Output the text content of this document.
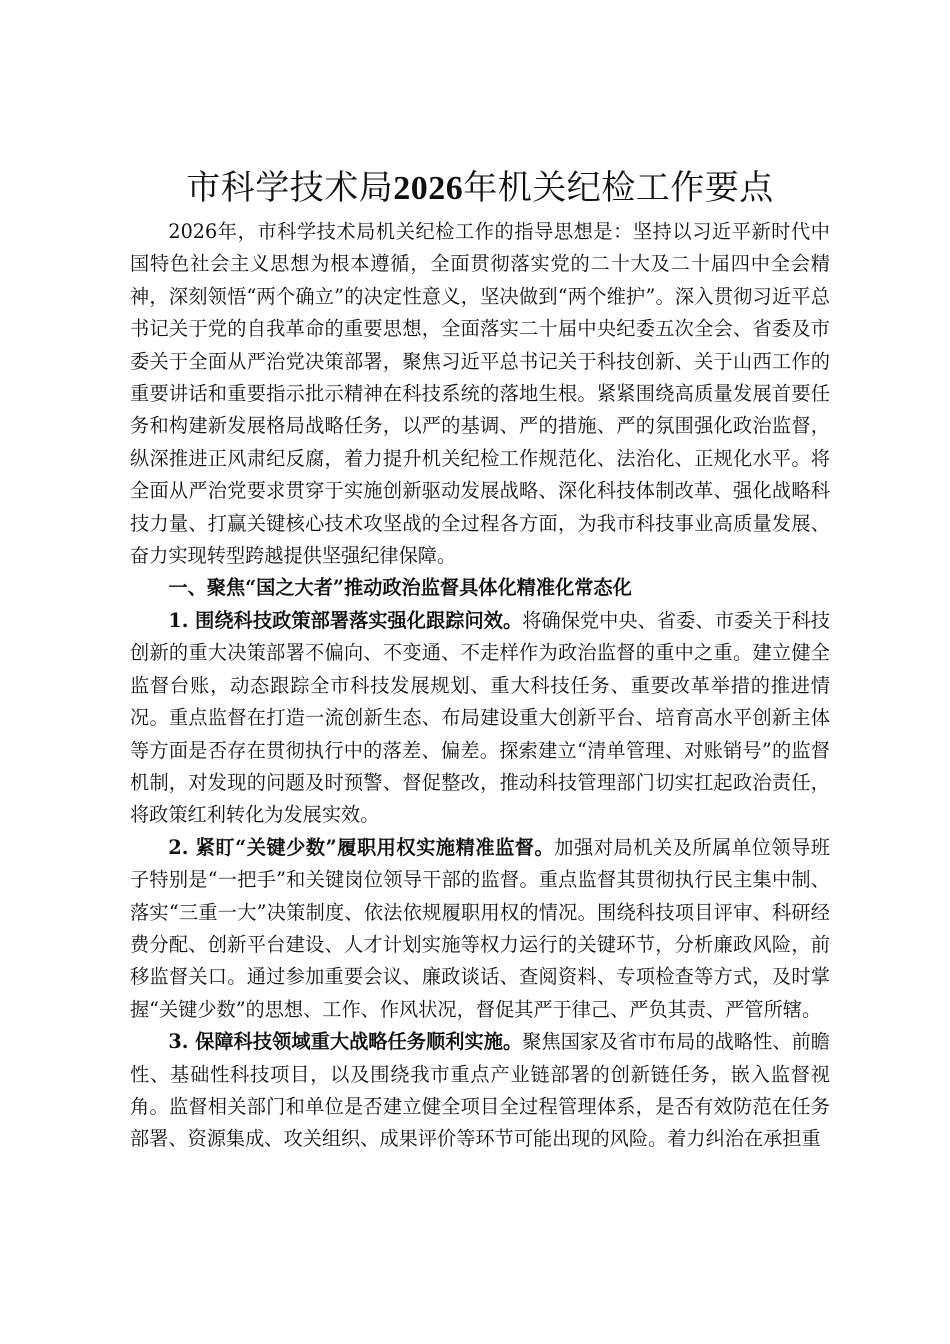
市科学技术局2026年机关纪检工作要点

2026年，市科学技术局机关纪检工作的指导思想是：坚持以习近平新时代中国特色社会主义思想为根本遵循，全面贯彻落实党的二十大及二十届四中全会精神，深刻领悟“两个确立”的决定性意义，坚决做到“两个维护”。深入贯彻习近平总书记关于党的自我革命的重要思想，全面落实二十届中央纪委五次全会、省委及市委关于全面从严治党决策部署，聚焦习近平总书记关于科技创新、关于山西工作的重要讲话和重要指示批示精神在科技系统的落地生根。紧紧围绕高质量发展首要任务和构建新发展格局战略任务，以严的基调、严的措施、严的氛围强化政治监督，纵深推进正风肃纪反腐，着力提升机关纪检工作规范化、法治化、正规化水平。将全面从严治党要求贯穿于实施创新驱动发展战略、深化科技体制改革、强化战略科技力量、打赢关键核心技术攻坚战的全过程各方面，为我市科技事业高质量发展、奋力实现转型跨越提供坚强纪律保障。

一、聚焦“国之大者”推动政治监督具体化精准化常态化

1. 围绕科技政策部署落实强化跟踪问效。将确保党中央、省委、市委关于科技创新的重大决策部署不偏向、不变通、不走样作为政治监督的重中之重。建立健全监督台账，动态跟踪全市科技发展规划、重大科技任务、重要改革举措的推进情况。重点监督在打造一流创新生态、布局建设重大创新平台、培育高水平创新主体等方面是否存在贯彻执行中的落差、偏差。探索建立“清单管理、对账销号”的监督机制，对发现的问题及时预警、督促整改，推动科技管理部门切实扛起政治责任，将政策红利转化为发展实效。

2. 紧盯“关键少数”履职用权实施精准监督。加强对局机关及所属单位领导班子特别是“一把手”和关键岗位领导干部的监督。重点监督其贯彻执行民主集中制、落实“三重一大”决策制度、依法依规履职用权的情况。围绕科技项目评审、科研经费分配、创新平台建设、人才计划实施等权力运行的关键环节，分析廉政风险，前移监督关口。通过参加重要会议、廉政谈话、查阅资料、专项检查等方式，及时掌握“关键少数”的思想、工作、作风状况，督促其严于律己、严负其责、严管所辖。

3. 保障科技领域重大战略任务顺利实施。聚焦国家及省市布局的战略性、前瞻性、基础性科技项目，以及围绕我市重点产业链部署的创新链任务，嵌入监督视角。监督相关部门和单位是否建立健全项目全过程管理体系，是否有效防范在任务部署、资源集成、攻关组织、成果评价等环节可能出现的风险。着力纠治在承担重
